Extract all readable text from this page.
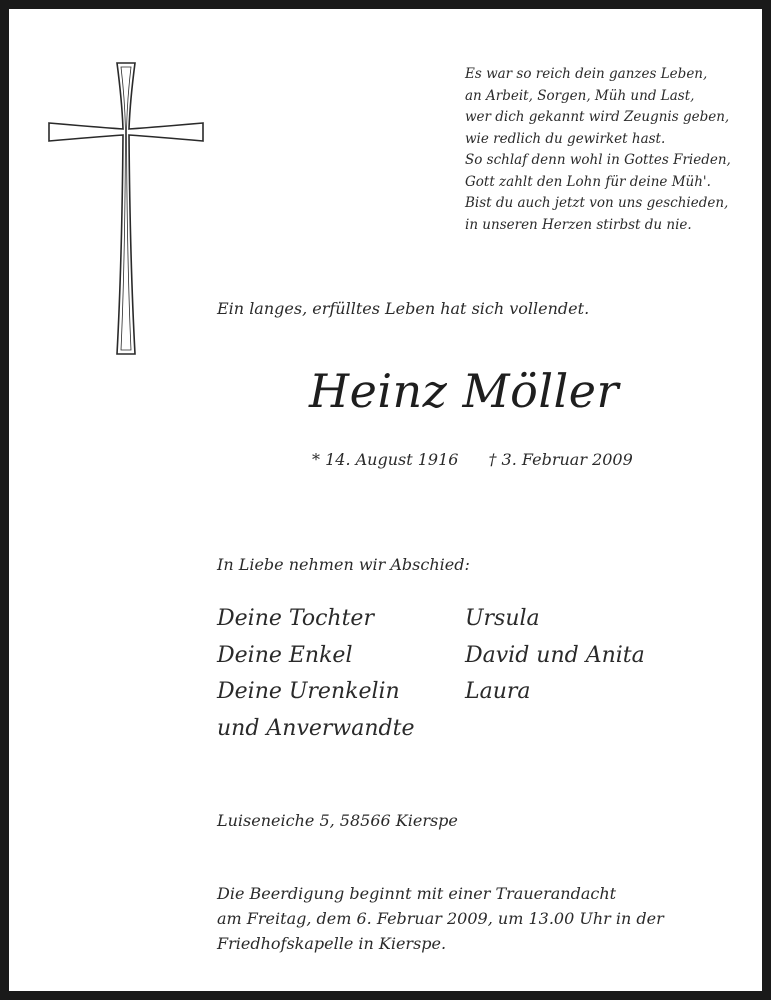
Es war so reich dein ganzes Leben,
an Arbeit, Sorgen, Müh und Last,
wer dich gekannt wird Zeugnis geben,
wie redlich du gewirket hast.
So schlaf denn wohl in Gottes Frieden,
Gott zahlt den Lohn für deine Müh'.
Bist du auch jetzt von uns geschieden,
in unseren Herzen stirbst du nie.
Ein langes, erfülltes Leben hat sich vollendet.
Heinz Möller
* 14. August 1916 † 3. Februar 2009
In Liebe nehmen wir Abschied:
Deine Tochter	Ursula
Deine Enkel	David und Anita
Deine Urenkelin	Laura
und Anverwandte
Luiseneiche 5, 58566 Kierspe
Die Beerdigung beginnt mit einer Trauerandacht
am Freitag, dem 6. Februar 2009, um 13.00 Uhr in der
Friedhofskapelle in Kierspe.
